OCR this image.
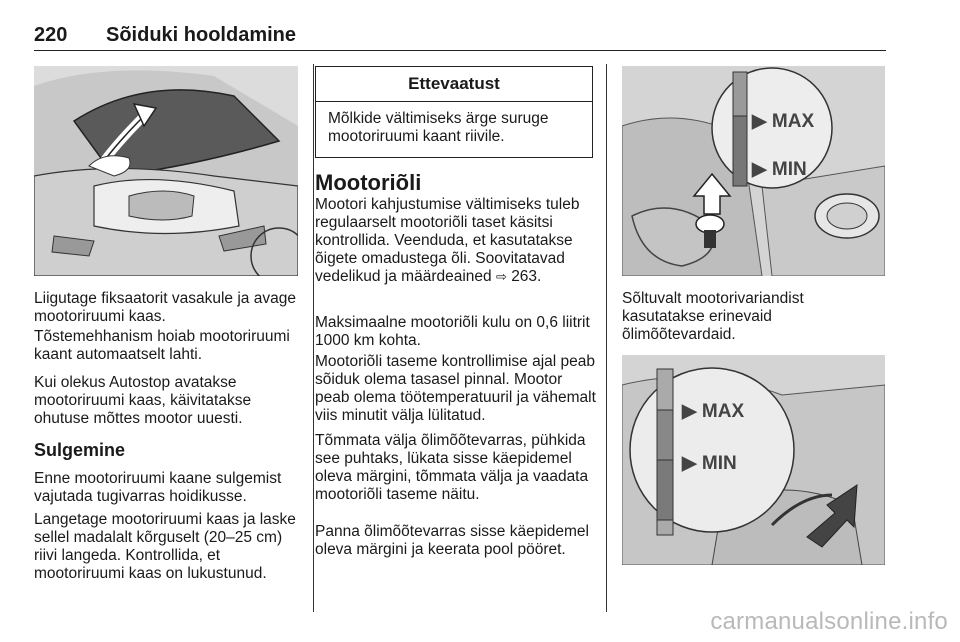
220 Sõiduki hooldamine

Liigutage fiksaatorit vasakule ja avage mootoriruumi kaas.

Tõstemehhanism hoiab mootoriruumi kaant automaatselt lahti.

Kui olekus Autostop avatakse mootoriruumi kaas, käivitatakse ohutuse mõttes mootor uuesti.

Sulgemine

Enne mootoriruumi kaane sulgemist vajutada tugivarras hoidikusse.

Langetage mootoriruumi kaas ja laske sellel madalalt kõrguselt (20–25 cm) riivi langeda. Kontrollida, et mootoriruumi kaas on lukustunud.

Ettevaatust
Mõlkide vältimiseks ärge suruge mootoriruumi kaant riivile.
Mootoriõli

Mootori kahjustumise vältimiseks tuleb regulaarselt mootoriõli taset käsitsi kontrollida. Veenduda, et kasutatakse õigete omadustega õli. Soovitatavad vedelikud ja määrdeained ⇨ 263.

Maksimaalne mootoriõli kulu on 0,6 liitrit 1000 km kohta.

Mootoriõli taseme kontrollimise ajal peab sõiduk olema tasasel pinnal. Mootor peab olema töötemperatuuril ja vähemalt viis minutit välja lülitatud.

Tõmmata välja õlimõõtevarras, pühkida see puhtaks, lükata sisse käepidemel oleva märgini, tõmmata välja ja vaadata mootoriõli taseme näitu.

Panna õlimõõtevarras sisse käepidemel oleva märgini ja keerata pool pööret.

▶ MAX
▶ MIN

Sõltuvalt mootorivariandist kasutatakse erinevaid õlimõõtevardaid.

▶ MAX
▶ MIN
carmanualsonline.info
